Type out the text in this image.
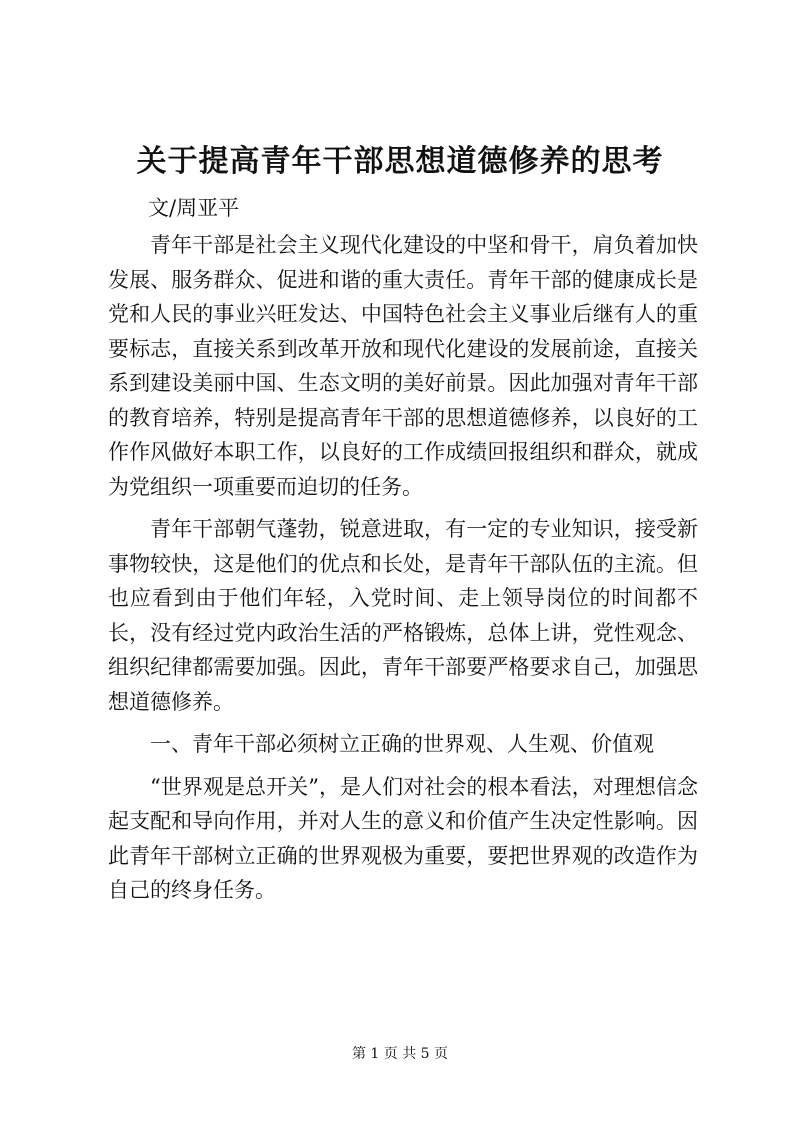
关于提高青年干部思想道德修养的思考

文/周亚平

青年干部是社会主义现代化建设的中坚和骨干，肩负着加快发展、服务群众、促进和谐的重大责任。青年干部的健康成长是党和人民的事业兴旺发达、中国特色社会主义事业后继有人的重要标志，直接关系到改革开放和现代化建设的发展前途，直接关系到建设美丽中国、生态文明的美好前景。因此加强对青年干部的教育培养，特别是提高青年干部的思想道德修养，以良好的工作作风做好本职工作，以良好的工作成绩回报组织和群众，就成为党组织一项重要而迫切的任务。

青年干部朝气蓬勃，锐意进取，有一定的专业知识，接受新事物较快，这是他们的优点和长处，是青年干部队伍的主流。但也应看到由于他们年轻，入党时间、走上领导岗位的时间都不长，没有经过党内政治生活的严格锻炼，总体上讲，党性观念、组织纪律都需要加强。因此，青年干部要严格要求自己，加强思想道德修养。

一、青年干部必须树立正确的世界观、人生观、价值观

“世界观是总开关”，是人们对社会的根本看法，对理想信念起支配和导向作用，并对人生的意义和价值产生决定性影响。因此青年干部树立正确的世界观极为重要，要把世界观的改造作为自己的终身任务。

第 1 页 共 5 页
